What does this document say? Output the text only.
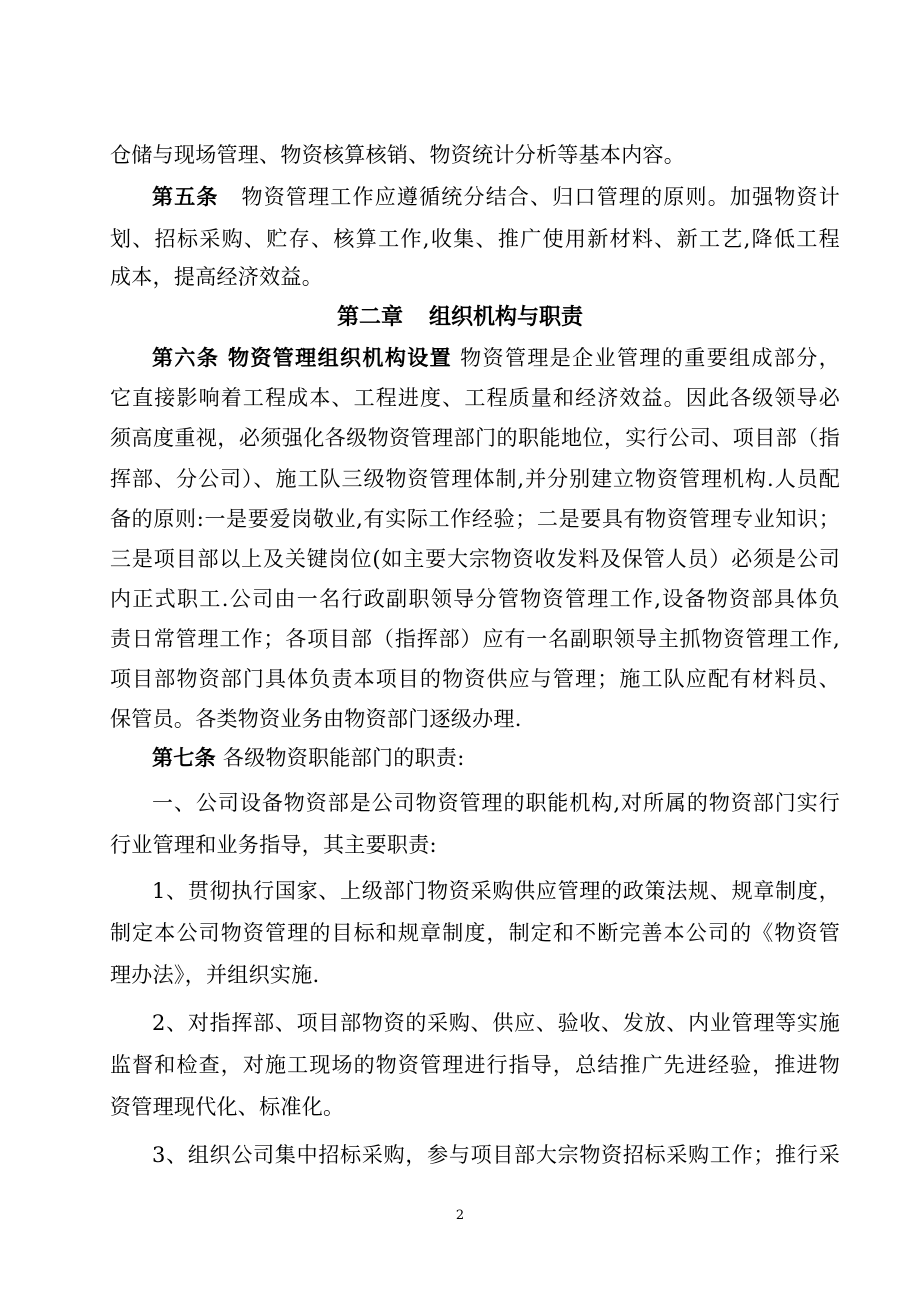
仓储与现场管理、物资核算核销、物资统计分析等基本内容。
第五条 物资管理工作应遵循统分结合、归口管理的原则。加强物资计
划、招标采购、贮存、核算工作,收集、推广使用新材料、新工艺,降低工程
成本，提高经济效益。
第二章 组织机构与职责
第六条 物资管理组织机构设置 物资管理是企业管理的重要组成部分，
它直接影响着工程成本、工程进度、工程质量和经济效益。因此各级领导必
须高度重视，必须强化各级物资管理部门的职能地位，实行公司、项目部（指
挥部、分公司）、施工队三级物资管理体制,并分别建立物资管理机构.人员配
备的原则:一是要爱岗敬业,有实际工作经验；二是要具有物资管理专业知识；
三是项目部以上及关键岗位(如主要大宗物资收发料及保管人员）必须是公司
内正式职工.公司由一名行政副职领导分管物资管理工作,设备物资部具体负
责日常管理工作；各项目部（指挥部）应有一名副职领导主抓物资管理工作,
项目部物资部门具体负责本项目的物资供应与管理；施工队应配有材料员、
保管员。各类物资业务由物资部门逐级办理.
第七条 各级物资职能部门的职责:
一、公司设备物资部是公司物资管理的职能机构,对所属的物资部门实行
行业管理和业务指导，其主要职责:
1、贯彻执行国家、上级部门物资采购供应管理的政策法规、规章制度，
制定本公司物资管理的目标和规章制度，制定和不断完善本公司的《物资管
理办法》，并组织实施.
2、对指挥部、项目部物资的采购、供应、验收、发放、内业管理等实施
监督和检查，对施工现场的物资管理进行指导，总结推广先进经验，推进物
资管理现代化、标准化。
3、组织公司集中招标采购，参与项目部大宗物资招标采购工作；推行采
2
